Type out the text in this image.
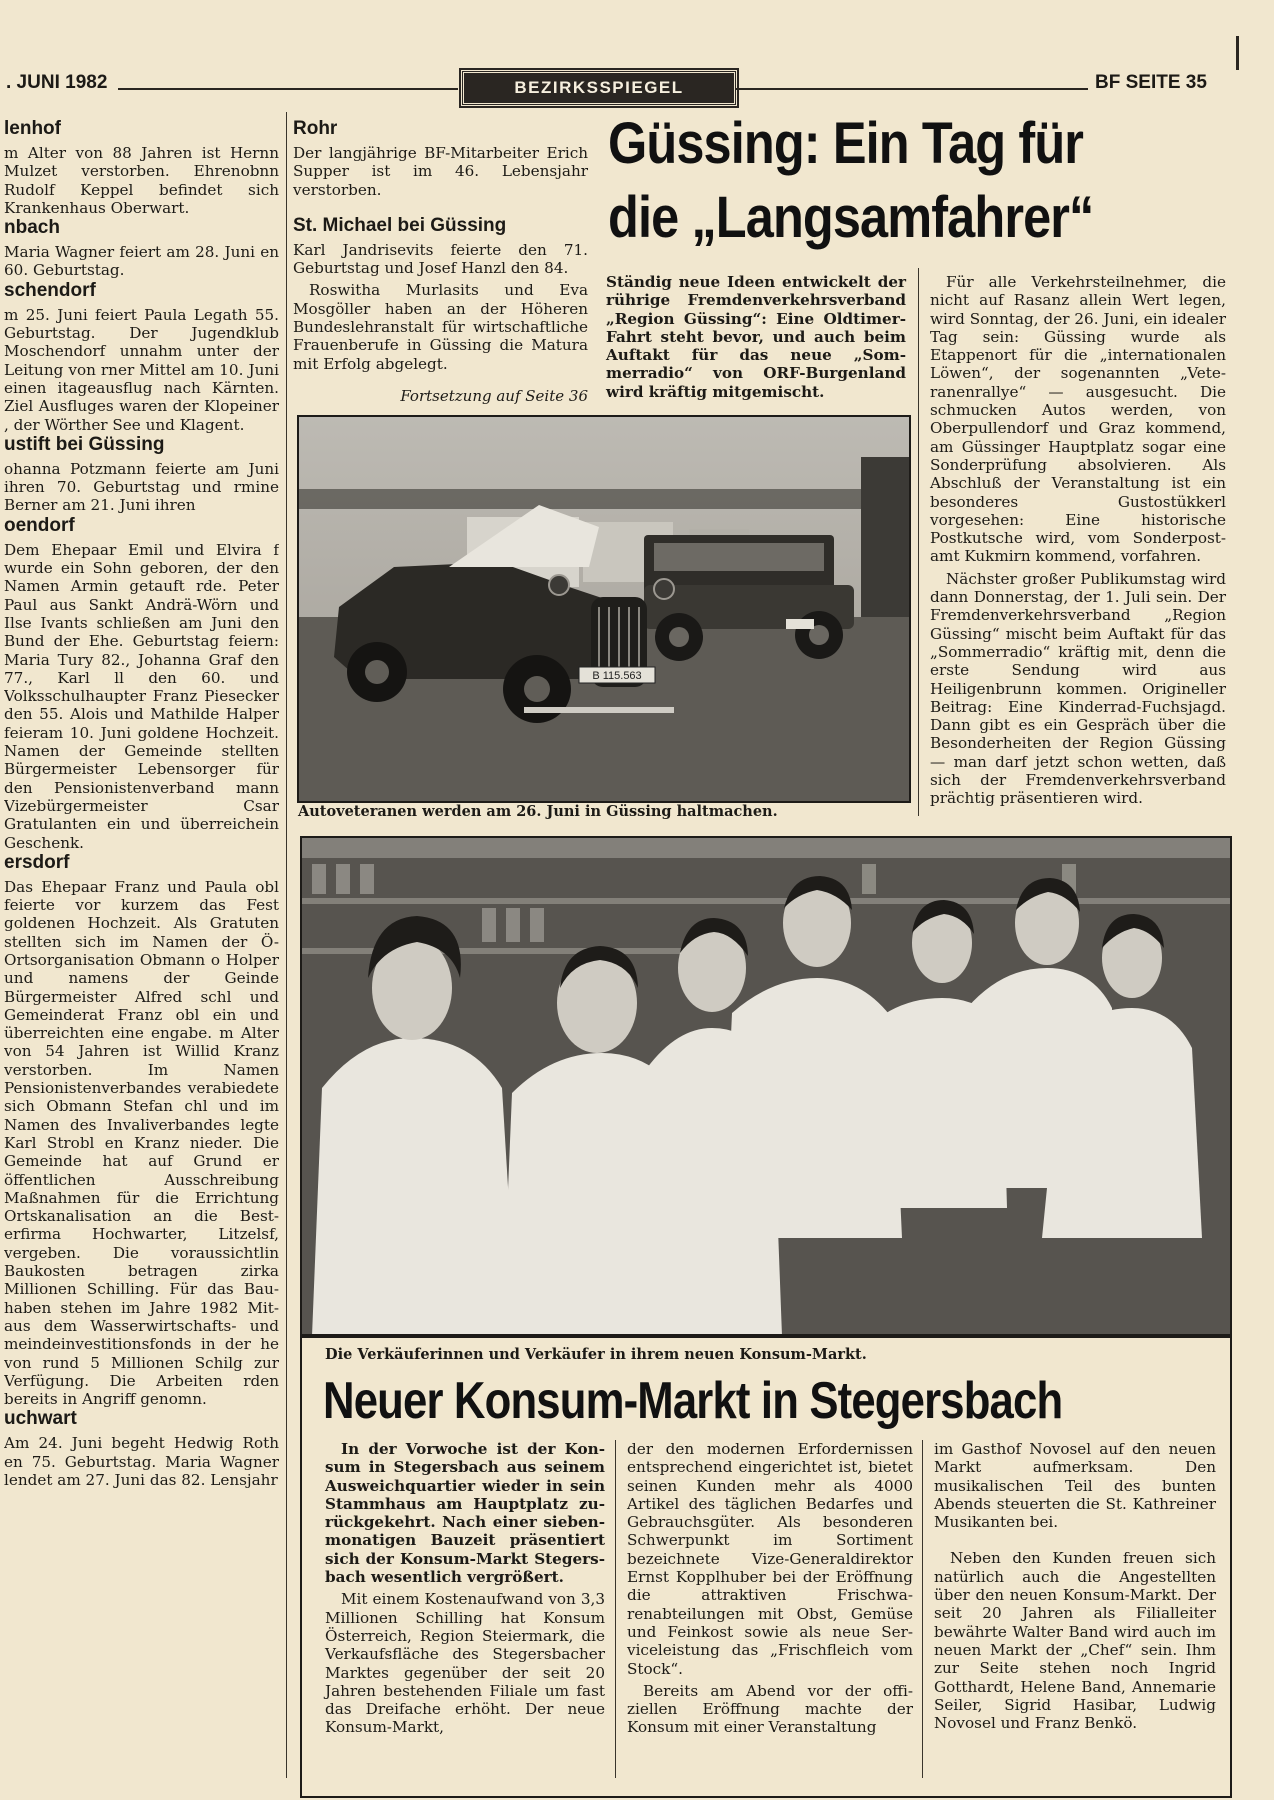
. JUNI 1982	BEZIRKSSPIEGEL	BF SEITE 35
lenhof

m Alter von 88 Jahren ist Hernn Mulzet verstorben. Ehrenobnn Rudolf Keppel befindet sich Krankenhaus Oberwart.

nbach

Maria Wagner feiert am 28. Juni en 60. Geburtstag.

schendorf

m 25. Juni feiert Paula Legath 55. Geburtstag. Der Jugendklub Moschendorf unnahm unter der Leitung von rner Mittel am 10. Juni einen itageausflug nach Kärnten. Ziel Ausfluges waren der Klopeiner , der Wörther See und Klagent.

ustift bei Güssing

ohanna Potzmann feierte am Juni ihren 70. Geburtstag und rmine Berner am 21. Juni ihren

oendorf

Dem Ehepaar Emil und Elvira f wurde ein Sohn geboren, der den Namen Armin getauft rde. Peter Paul aus Sankt Andrä-Wörn und Ilse Ivants schließen am Juni den Bund der Ehe. Geburtstag feiern: Maria Tury 82., Johanna Graf den 77., Karl ll den 60. und Volksschulhaupter Franz Piesecker den 55. Alois und Mathilde Halper feieram 10. Juni goldene Hochzeit. Namen der Gemeinde stellten Bürgermeister Lebensorger für den Pensionistenverband mann Vizebürgermeister Csar Gratulanten ein und überreichein Geschenk.

ersdorf

Das Ehepaar Franz und Paula obl feierte vor kurzem das Fest goldenen Hochzeit. Als Gratuten stellten sich im Namen der Ö-Ortsorganisation Obmann o Holper und namens der Geinde Bürgermeister Alfred schl und Gemeinderat Franz obl ein und überreichten eine engabe. m Alter von 54 Jahren ist Willid Kranz verstorben. Im Namen Pensionistenverbandes verabiedete sich Obmann Stefan chl und im Namen des Invaliverbandes legte Karl Strobl en Kranz nieder. Die Gemeinde hat auf Grund er öffentlichen Ausschreibung Maßnahmen für die Errichtung Ortskanalisation an die Besterfirma Hochwarter, Litzelsf, vergeben. Die voraussichtlin Baukosten betragen zirka Millionen Schilling. Für das Bauhaben stehen im Jahre 1982 Mitaus dem Wasserwirtschafts- und meindeinvestitionsfonds in der he von rund 5 Millionen Schilg zur Verfügung. Die Arbeiten rden bereits in Angriff genomn.

uchwart

Am 24. Juni begeht Hedwig Roth en 75. Geburtstag. Maria Wagner lendet am 27. Juni das 82. Lensjahr

Rohr

Der langjährige BF-Mitarbeiter Erich Supper ist im 46. Lebensjahr verstorben.

St. Michael bei Güssing

Karl Jandrisevits feierte den 71. Geburtstag und Josef Hanzl den 84.

Roswitha Murlasits und Eva Mosgöller haben an der Höheren Bundeslehranstalt für wirtschaftliche Frauenberufe in Güssing die Matura mit Erfolg abgelegt.

Fortsetzung auf Seite 36
Güssing: Ein Tag für
die „Langsamfahrer“

Ständig neue Ideen entwickelt der rührige Fremdenverkehrsverband „Region Güssing“: Eine Oldtimer-Fahrt steht bevor, und auch beim Auftakt für das neue „Sommerradio“ von ORF-Burgenland wird kräftig mitgemischt.

Für alle Verkehrsteilnehmer, die nicht auf Rasanz allein Wert legen, wird Sonntag, der 26. Juni, ein idealer Tag sein: Güssing wurde als Etappenort für die „internationalen Löwen“, der sogenannten „Veteranenrallye“ — ausgesucht. Die schmucken Autos werden, von Oberpullendorf und Graz kommend, am Güssinger Hauptplatz sogar eine Sonderprüfung absolvieren. Als Abschluß der Veranstaltung ist ein besonderes Gustostükkerl vorgesehen: Eine historische Postkutsche wird, vom Sonderpostamt Kukmirn kommend, vorfahren.

Nächster großer Publikumstag wird dann Donnerstag, der 1. Juli sein. Der Fremdenverkehrsverband „Region Güssing“ mischt beim Auftakt für das „Sommerradio“ kräftig mit, denn die erste Sendung wird aus Heiligenbrunn kommen. Origineller Beitrag: Eine Kinderrad-Fuchsjagd. Dann gibt es ein Gespräch über die Besonderheiten der Region Güssing — man darf jetzt schon wetten, daß sich der Fremdenverkehrsverband prächtig präsentieren wird.

B 115.563
Autoveteranen werden am 26. Juni in Güssing haltmachen.
Die Verkäuferinnen und Verkäufer in ihrem neuen Konsum-Markt.
Neuer Konsum-Markt in Stegersbach

In der Vorwoche ist der Konsum in Stegersbach aus seinem Ausweichquartier wieder in sein Stammhaus am Hauptplatz zurückgekehrt. Nach einer siebenmonatigen Bauzeit präsentiert sich der Konsum-Markt Stegersbach wesentlich vergrößert.

Mit einem Kostenaufwand von 3,3 Millionen Schilling hat Konsum Österreich, Region Steiermark, die Verkaufsfläche des Stegersbacher Marktes gegenüber der seit 20 Jahren bestehenden Filiale um fast das Dreifache erhöht. Der neue Konsum-Markt,

der den modernen Erfordernissen entsprechend eingerichtet ist, bietet seinen Kunden mehr als 4000 Artikel des täglichen Bedarfes und Gebrauchsgüter. Als besonderen Schwerpunkt im Sortiment bezeichnete Vize-Generaldirektor Ernst Kopplhuber bei der Eröffnung die attraktiven Frischwarenabteilungen mit Obst, Gemüse und Feinkost sowie als neue Serviceleistung das „Frischfleich vom Stock“.

Bereits am Abend vor der offiziellen Eröffnung machte der Konsum mit einer Veranstaltung

im Gasthof Novosel auf den neuen Markt aufmerksam. Den musikalischen Teil des bunten Abends steuerten die St. Kathreiner Musikanten bei.

Neben den Kunden freuen sich natürlich auch die Angestellten über den neuen Konsum-Markt. Der seit 20 Jahren als Filialleiter bewährte Walter Band wird auch im neuen Markt der „Chef“ sein. Ihm zur Seite stehen noch Ingrid Gotthardt, Helene Band, Annemarie Seiler, Sigrid Hasibar, Ludwig Novosel und Franz Benkö.
